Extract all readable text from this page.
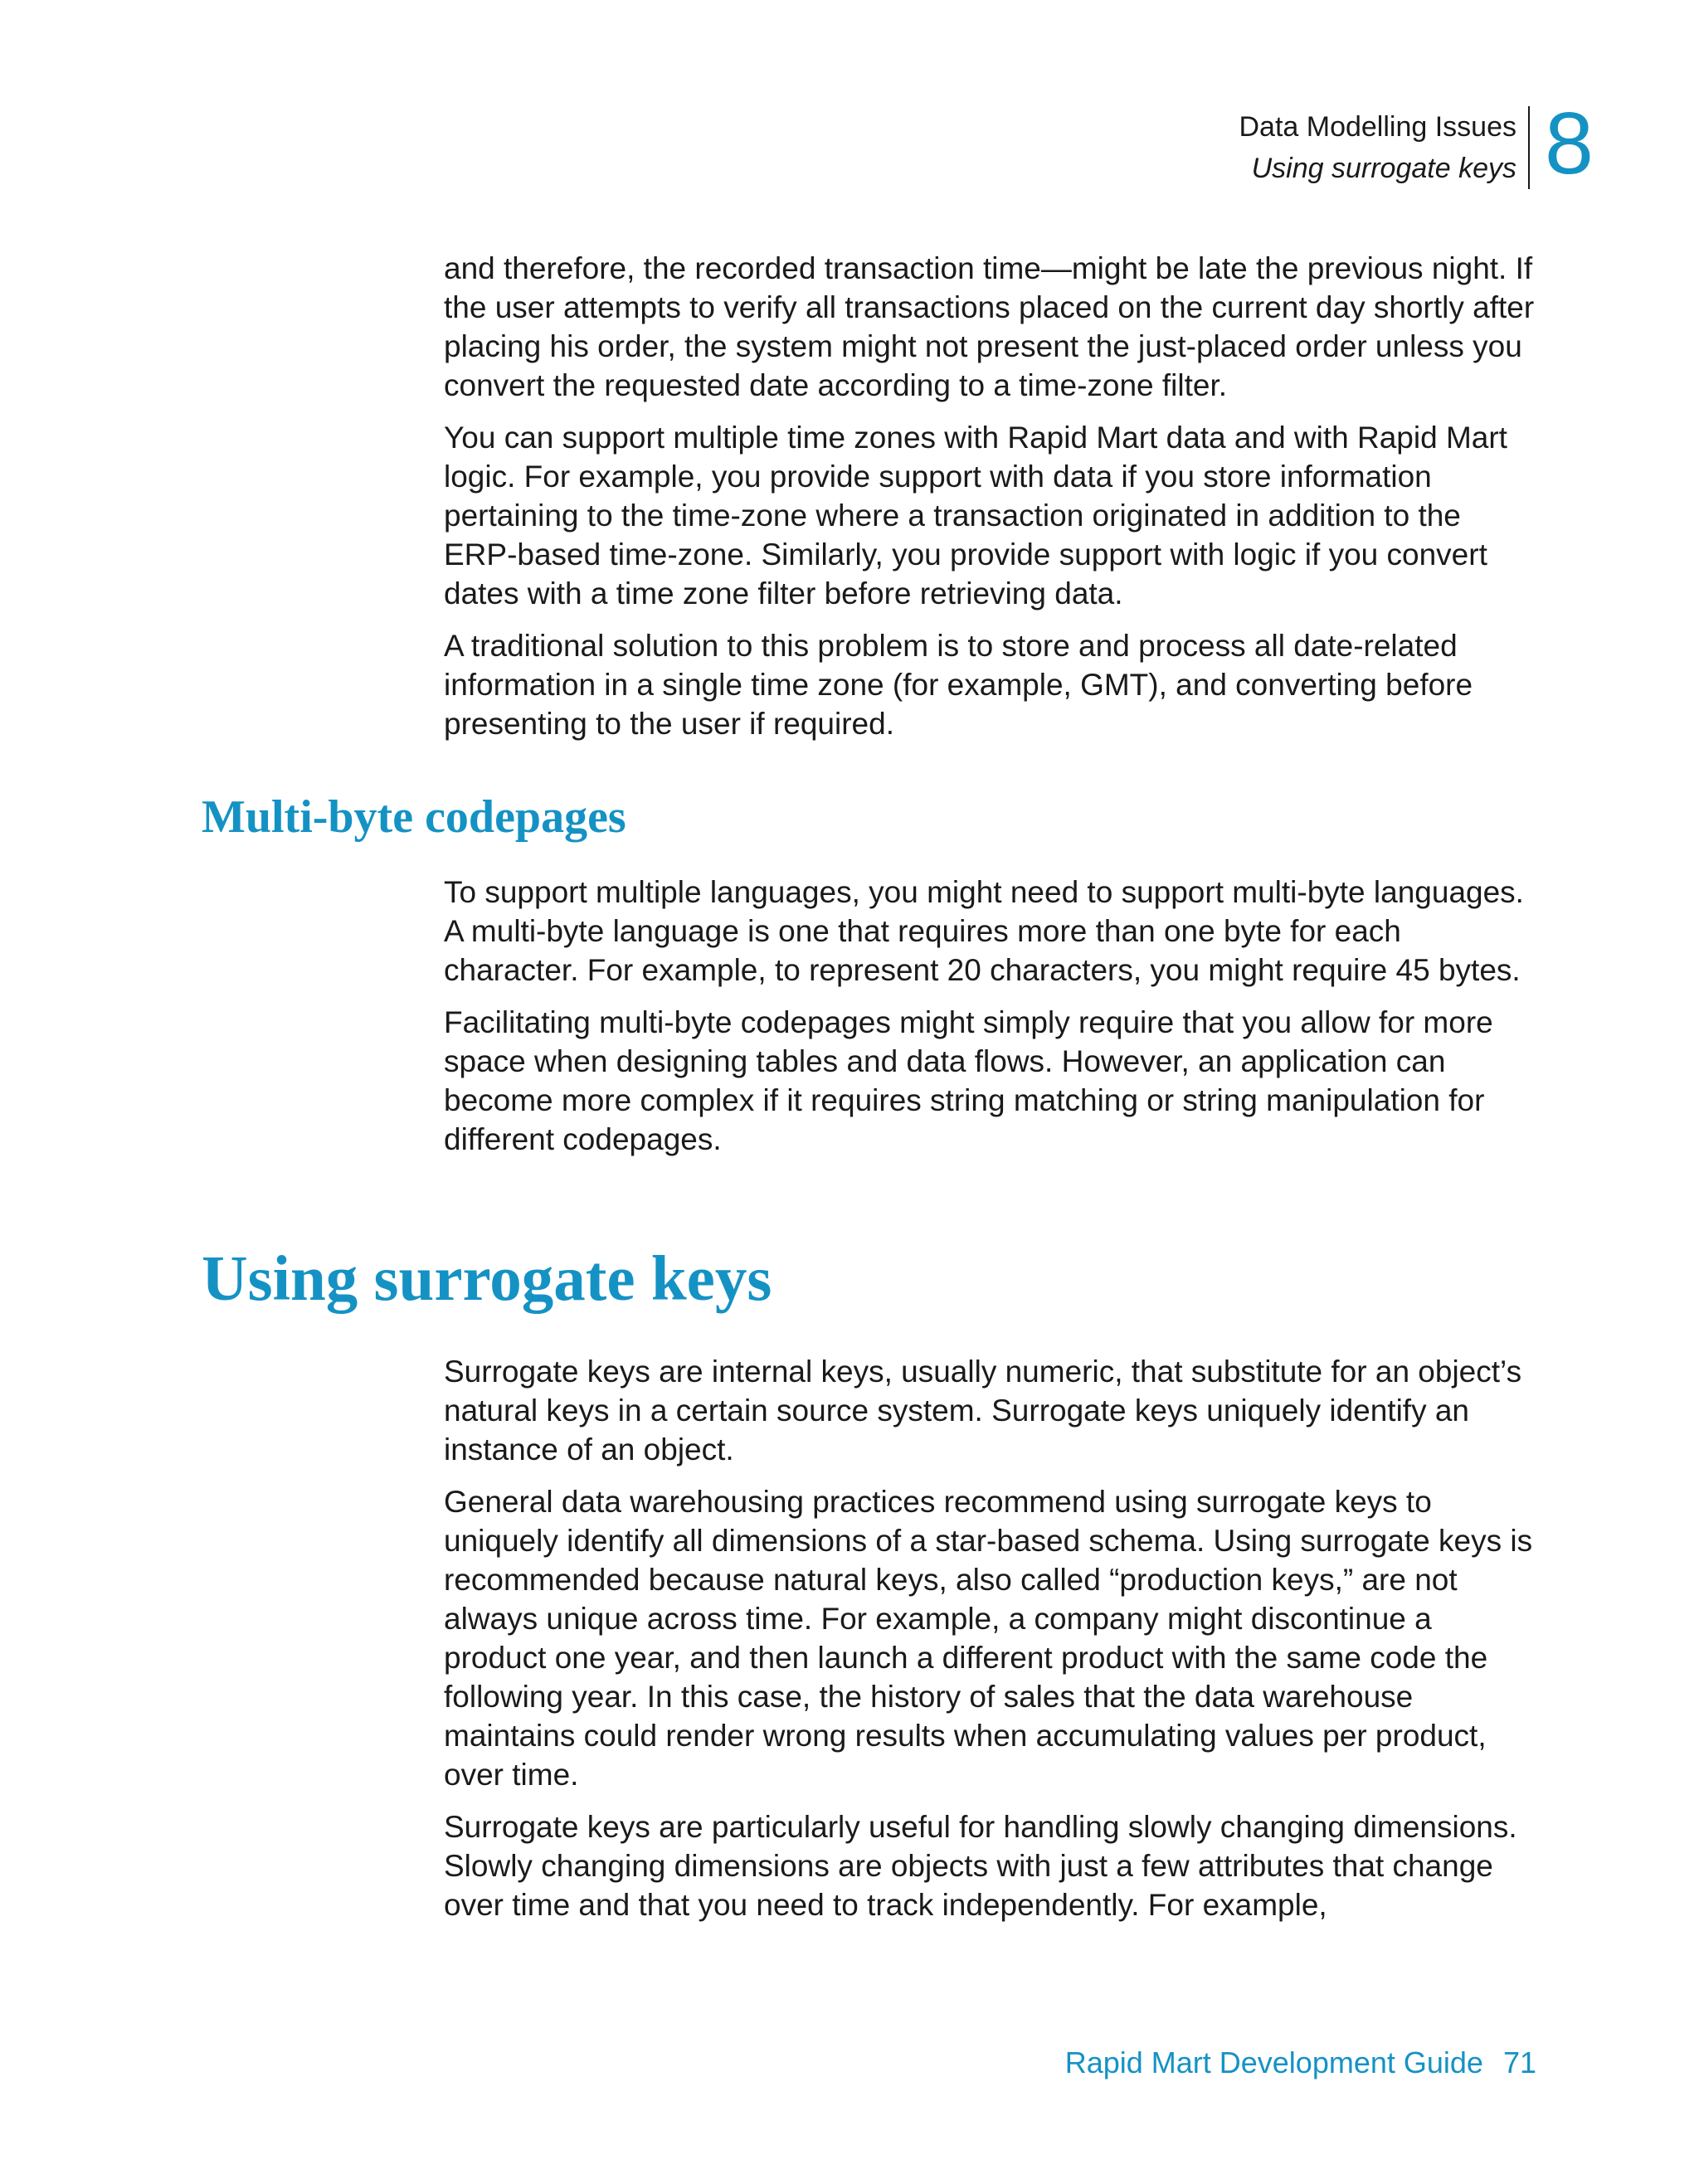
Data Modelling Issues
Using surrogate keys 8

and therefore, the recorded transaction time—might be late the previous night. If the user attempts to verify all transactions placed on the current day shortly after placing his order, the system might not present the just-placed order unless you convert the requested date according to a time-zone filter.

You can support multiple time zones with Rapid Mart data and with Rapid Mart logic. For example, you provide support with data if you store information pertaining to the time-zone where a transaction originated in addition to the ERP-based time-zone. Similarly, you provide support with logic if you convert dates with a time zone filter before retrieving data.

A traditional solution to this problem is to store and process all date-related information in a single time zone (for example, GMT), and converting before presenting to the user if required.

Multi-byte codepages

To support multiple languages, you might need to support multi-byte languages. A multi-byte language is one that requires more than one byte for each character. For example, to represent 20 characters, you might require 45 bytes.

Facilitating multi-byte codepages might simply require that you allow for more space when designing tables and data flows. However, an application can become more complex if it requires string matching or string manipulation for different codepages.

Using surrogate keys

Surrogate keys are internal keys, usually numeric, that substitute for an object’s natural keys in a certain source system. Surrogate keys uniquely identify an instance of an object.

General data warehousing practices recommend using surrogate keys to uniquely identify all dimensions of a star-based schema. Using surrogate keys is recommended because natural keys, also called “production keys,” are not always unique across time. For example, a company might discontinue a product one year, and then launch a different product with the same code the following year. In this case, the history of sales that the data warehouse maintains could render wrong results when accumulating values per product, over time.

Surrogate keys are particularly useful for handling slowly changing dimensions. Slowly changing dimensions are objects with just a few attributes that change over time and that you need to track independently. For example,

Rapid Mart Development Guide 71
